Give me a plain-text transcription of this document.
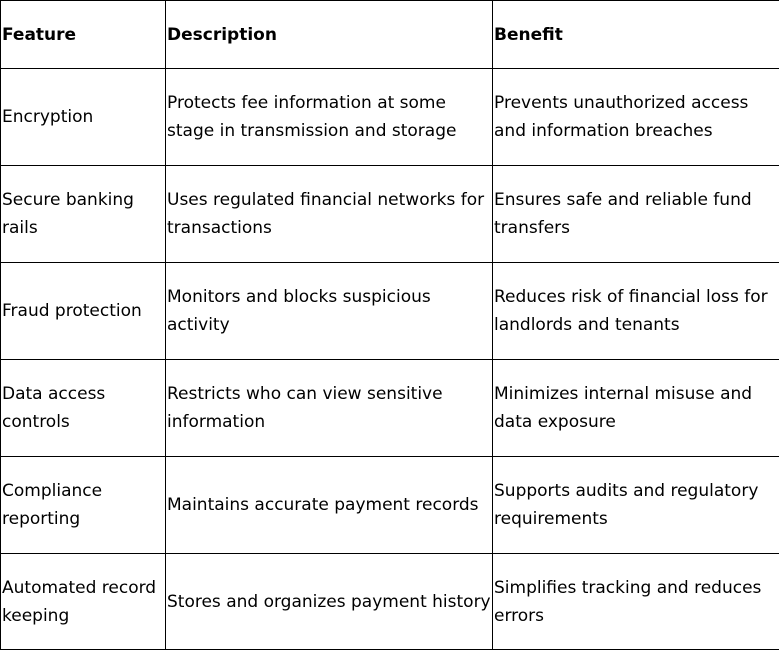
Feature	Description	Benefit
Encryption	Protects fee information at some stage in transmission and storage	Prevents unauthorized access and information breaches
Secure banking rails	Uses regulated financial networks for transactions	Ensures safe and reliable fund transfers
Fraud protection	Monitors and blocks suspicious activity	Reduces risk of financial loss for landlords and tenants
Data access controls	Restricts who can view sensitive information	Minimizes internal misuse and data exposure
Compliance reporting	Maintains accurate payment records	Supports audits and regulatory requirements
Automated record keeping	Stores and organizes payment history	Simplifies tracking and reduces errors
